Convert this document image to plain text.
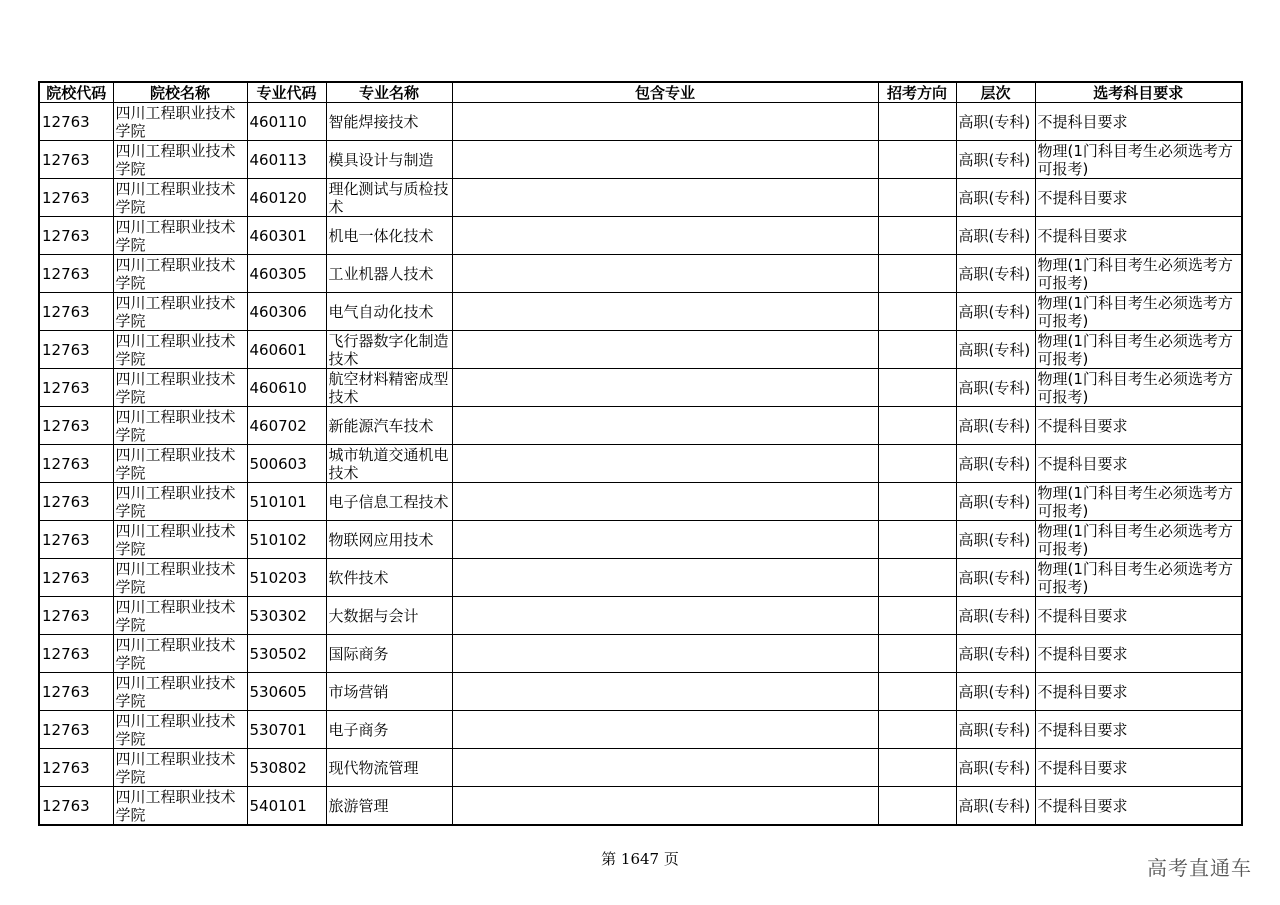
院校代码	院校名称	专业代码	专业名称	包含专业	招考方向	层次	选考科目要求
12763	四川工程职业技术学院	460110	智能焊接技术			高职(专科)	不提科目要求
12763	四川工程职业技术学院	460113	模具设计与制造			高职(专科)	物理(1门科目考生必须选考方可报考)
12763	四川工程职业技术学院	460120	理化测试与质检技术			高职(专科)	不提科目要求
12763	四川工程职业技术学院	460301	机电一体化技术			高职(专科)	不提科目要求
12763	四川工程职业技术学院	460305	工业机器人技术			高职(专科)	物理(1门科目考生必须选考方可报考)
12763	四川工程职业技术学院	460306	电气自动化技术			高职(专科)	物理(1门科目考生必须选考方可报考)
12763	四川工程职业技术学院	460601	飞行器数字化制造技术			高职(专科)	物理(1门科目考生必须选考方可报考)
12763	四川工程职业技术学院	460610	航空材料精密成型技术			高职(专科)	物理(1门科目考生必须选考方可报考)
12763	四川工程职业技术学院	460702	新能源汽车技术			高职(专科)	不提科目要求
12763	四川工程职业技术学院	500603	城市轨道交通机电技术			高职(专科)	不提科目要求
12763	四川工程职业技术学院	510101	电子信息工程技术			高职(专科)	物理(1门科目考生必须选考方可报考)
12763	四川工程职业技术学院	510102	物联网应用技术			高职(专科)	物理(1门科目考生必须选考方可报考)
12763	四川工程职业技术学院	510203	软件技术			高职(专科)	物理(1门科目考生必须选考方可报考)
12763	四川工程职业技术学院	530302	大数据与会计			高职(专科)	不提科目要求
12763	四川工程职业技术学院	530502	国际商务			高职(专科)	不提科目要求
12763	四川工程职业技术学院	530605	市场营销			高职(专科)	不提科目要求
12763	四川工程职业技术学院	530701	电子商务			高职(专科)	不提科目要求
12763	四川工程职业技术学院	530802	现代物流管理			高职(专科)	不提科目要求
12763	四川工程职业技术学院	540101	旅游管理			高职(专科)	不提科目要求
第 1647 页	高考直通车
